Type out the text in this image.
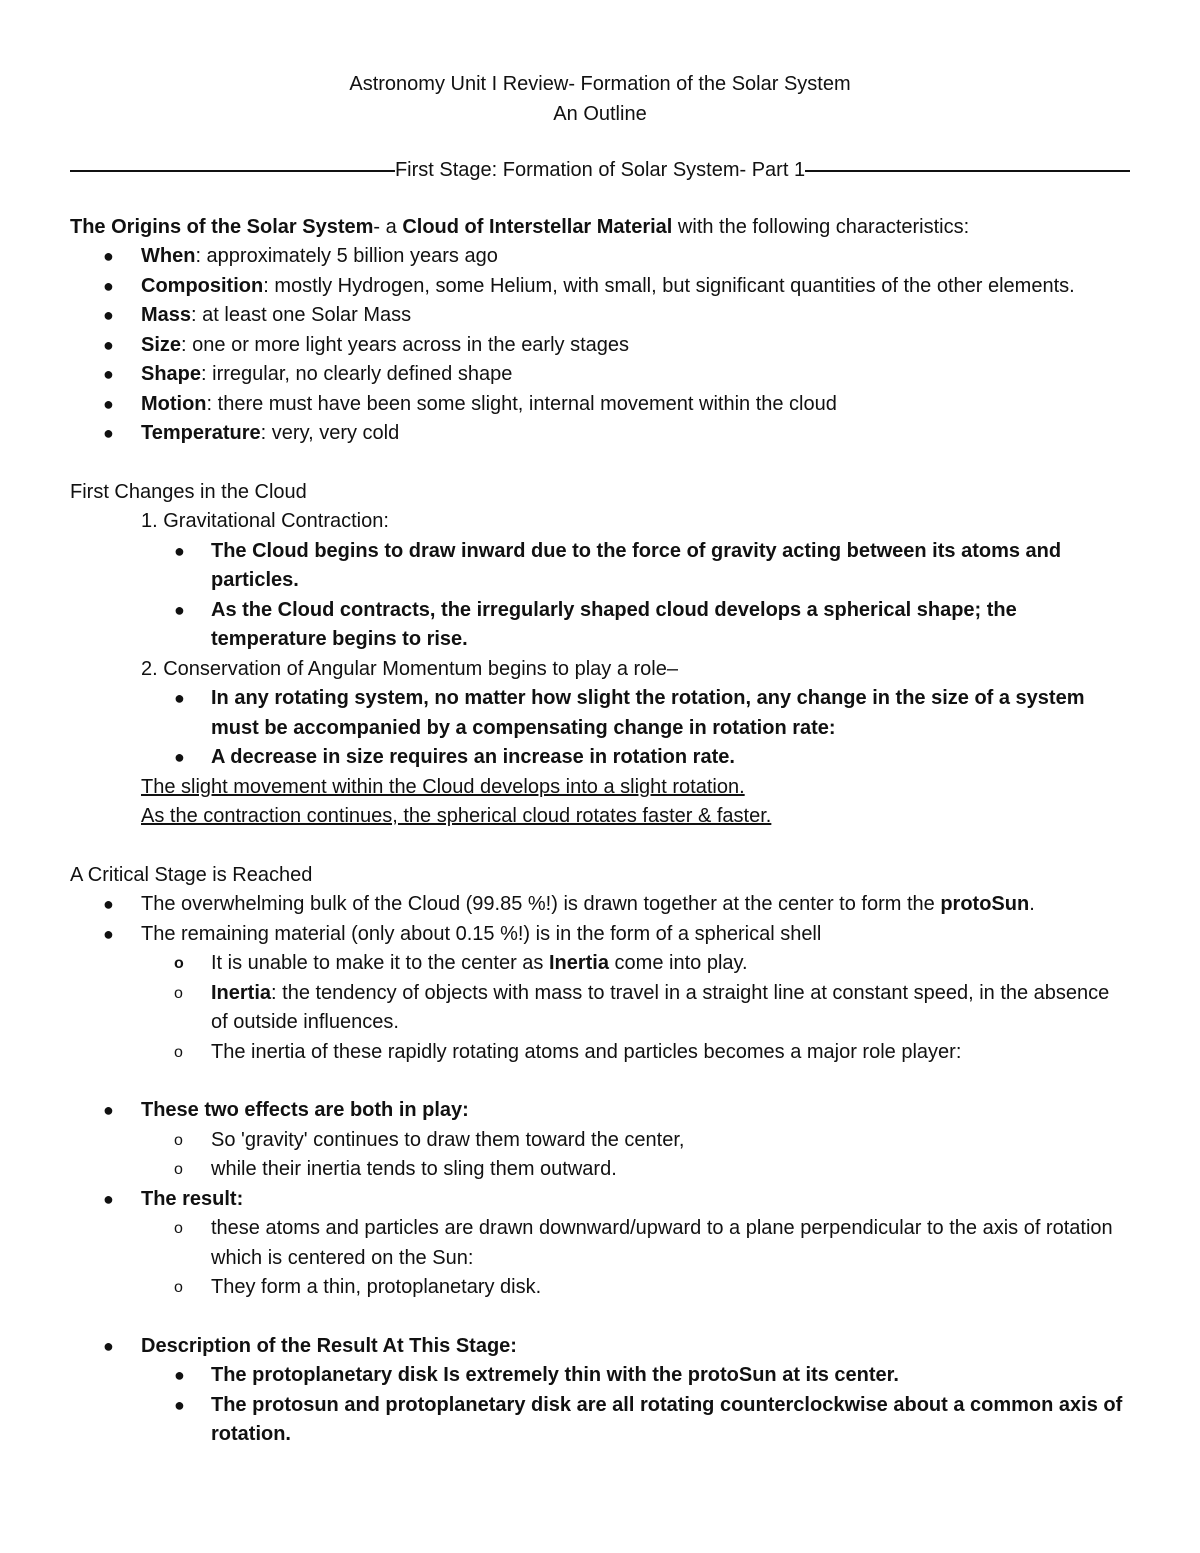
Astronomy Unit I Review- Formation of the Solar System

An Outline

First Stage: Formation of Solar System- Part 1

The Origins of the Solar System- a Cloud of Interstellar Material with the following characteristics:

● When: approximately 5 billion years ago
● Composition: mostly Hydrogen, some Helium, with small, but significant quantities of the other elements.
● Mass: at least one Solar Mass
● Size: one or more light years across in the early stages
● Shape: irregular, no clearly defined shape
● Motion: there must have been some slight, internal movement within the cloud
● Temperature: very, very cold

First Changes in the Cloud

1. Gravitational Contraction:

● The Cloud begins to draw inward due to the force of gravity acting between its atoms and particles.
● As the Cloud contracts, the irregularly shaped cloud develops a spherical shape; the temperature begins to rise.

2. Conservation of Angular Momentum begins to play a role–

● In any rotating system, no matter how slight the rotation, any change in the size of a system must be accompanied by a compensating change in rotation rate:
● A decrease in size requires an increase in rotation rate.

The slight movement within the Cloud develops into a slight rotation.

As the contraction continues, the spherical cloud rotates faster & faster.

A Critical Stage is Reached

● The overwhelming bulk of the Cloud (99.85 %!) is drawn together at the center to form the protoSun.
● The remaining material (only about 0.15 %!) is in the form of a spherical shell
o It is unable to make it to the center as Inertia come into play.
o Inertia: the tendency of objects with mass to travel in a straight line at constant speed, in the absence of outside influences.
o The inertia of these rapidly rotating atoms and particles becomes a major role player:
● These two effects are both in play:
o So 'gravity' continues to draw them toward the center,
o while their inertia tends to sling them outward.
● The result:
o these atoms and particles are drawn downward/upward to a plane perpendicular to the axis of rotation which is centered on the Sun:
o They form a thin, protoplanetary disk.
● Description of the Result At This Stage:
● The protoplanetary disk Is extremely thin with the protoSun at its center.
● The protosun and protoplanetary disk are all rotating counterclockwise about a common axis of rotation.
